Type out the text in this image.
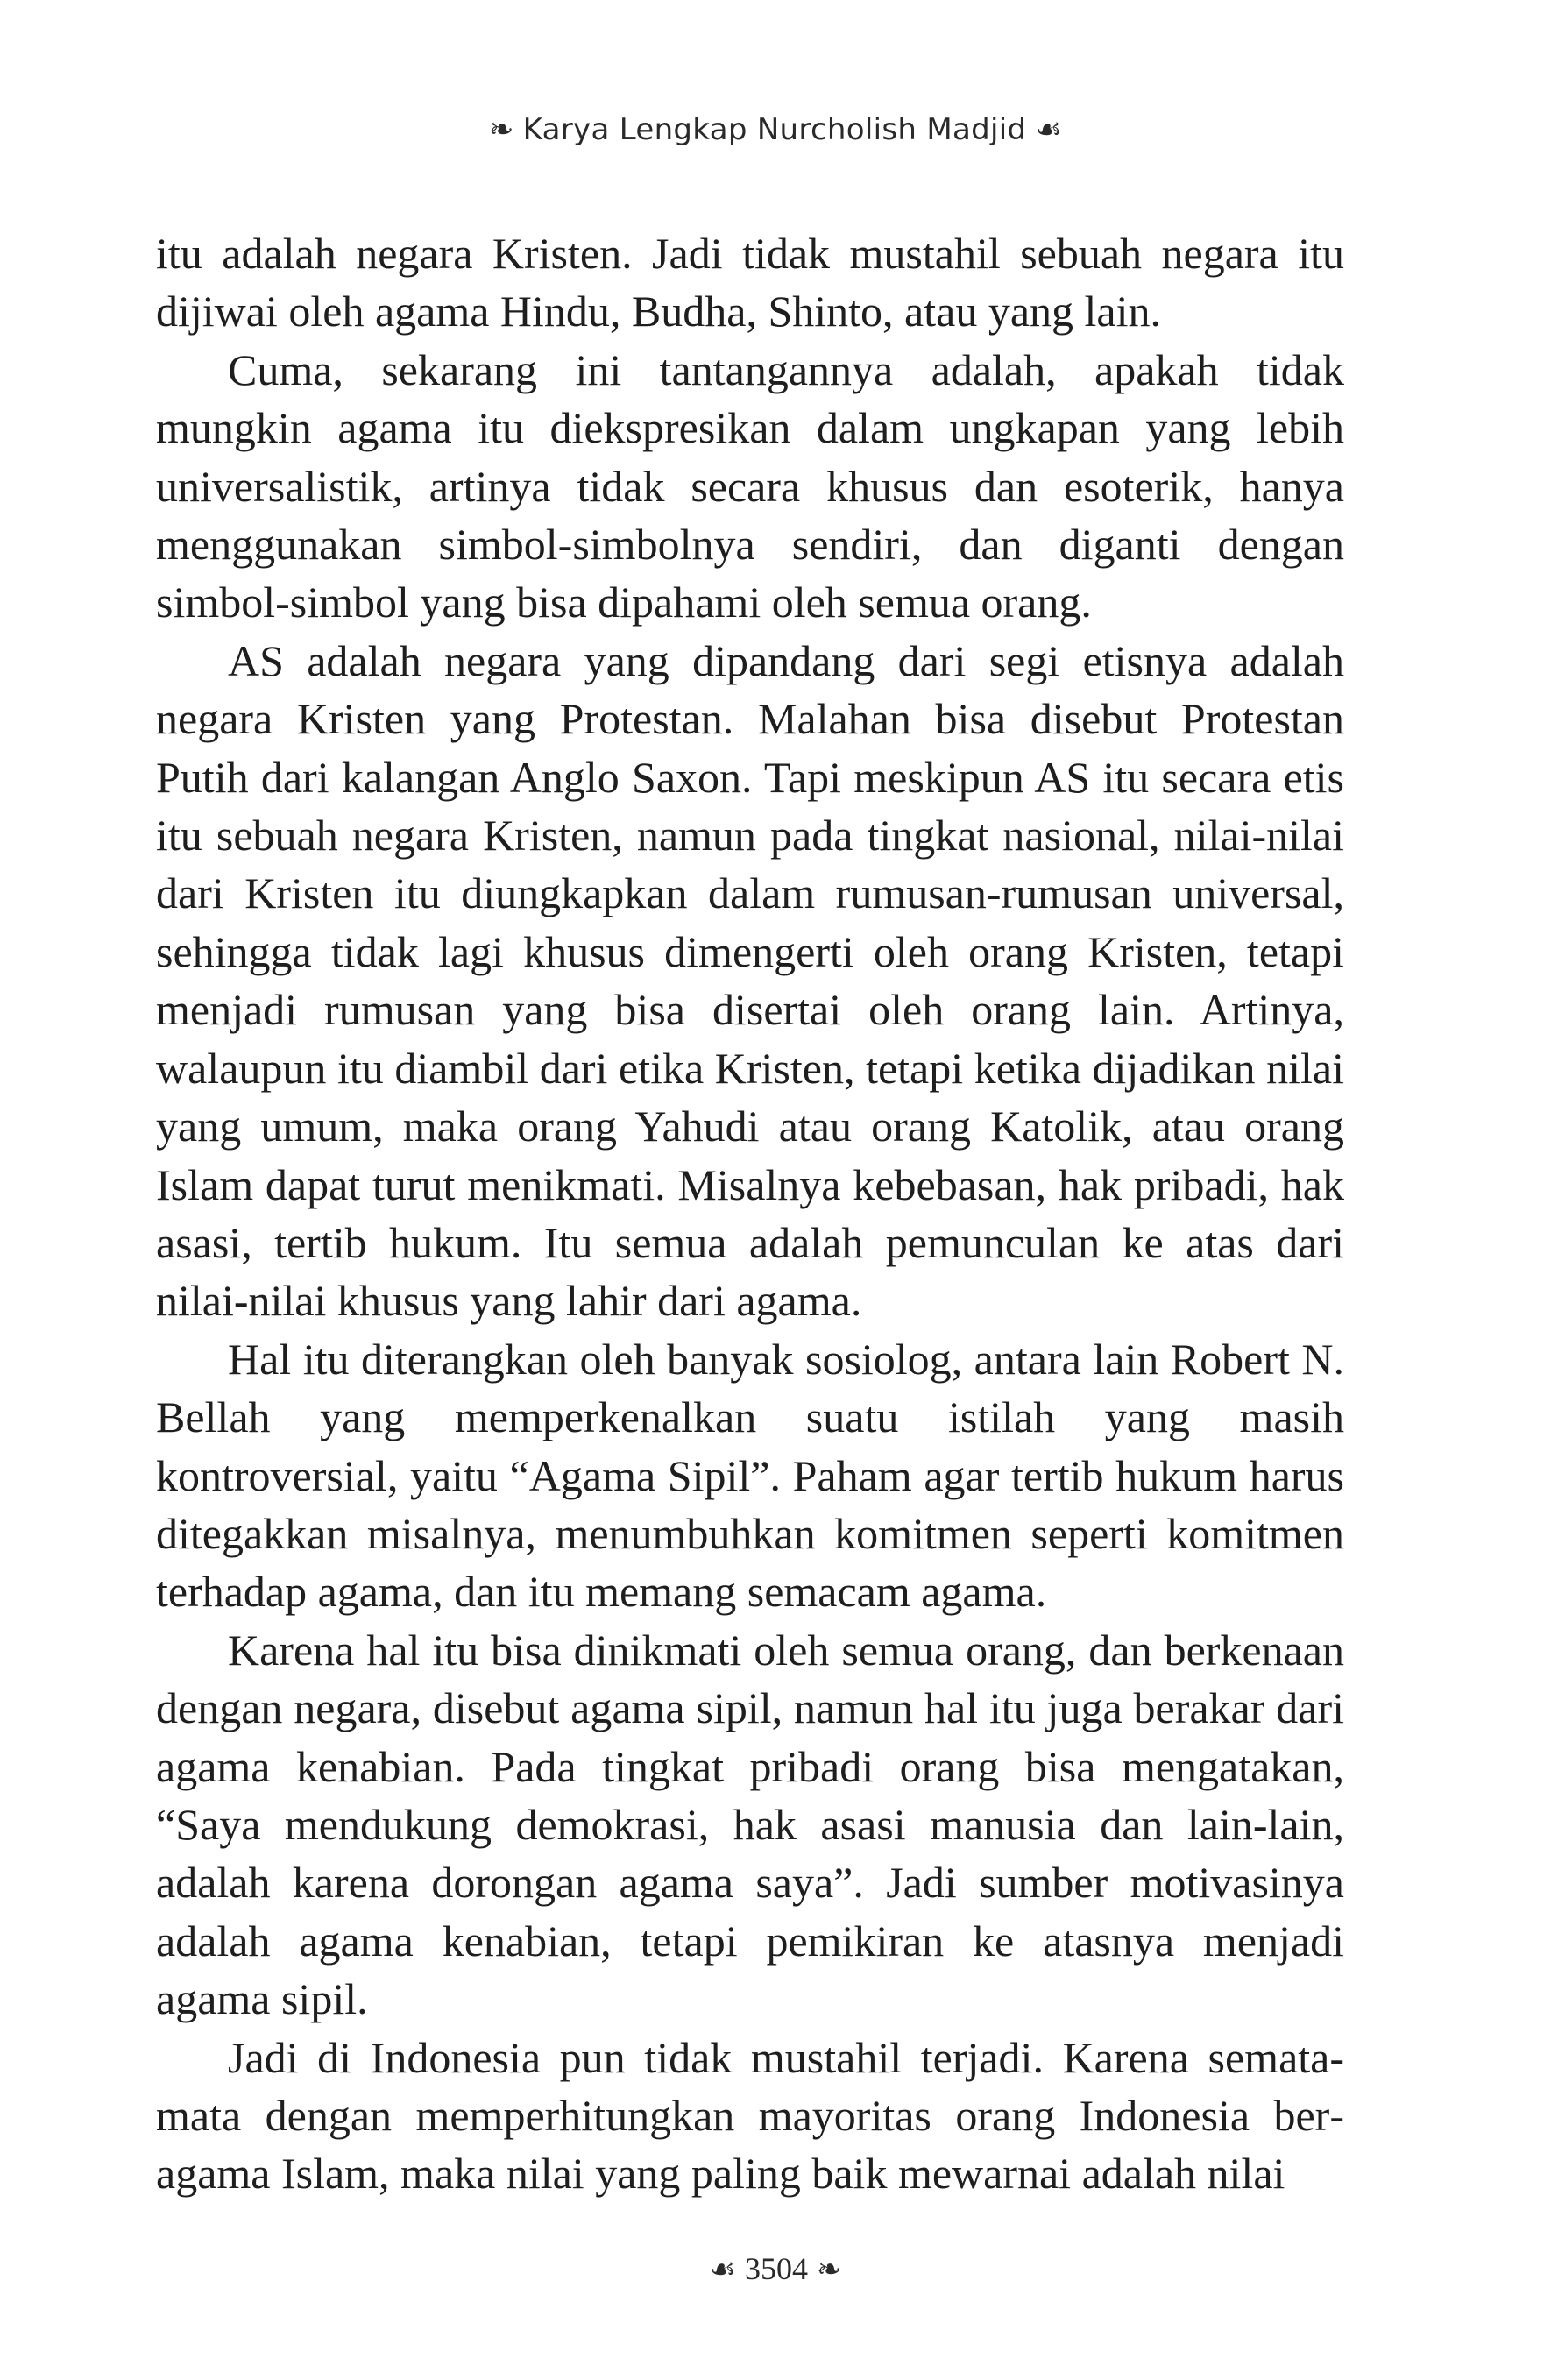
❧ Karya Lengkap Nurcholish Madjid ☙

itu adalah negara Kristen. Jadi tidak mustahil sebuah negara itu dijiwai oleh agama Hindu, Budha, Shinto, atau yang lain.

Cuma, sekarang ini tantangannya adalah, apakah tidak mungkin agama itu diekspresikan dalam ungkapan yang lebih universalistik, artinya tidak secara khusus dan esoterik, hanya menggunakan simbol-simbolnya sendiri, dan diganti dengan simbol-simbol yang bisa dipahami oleh semua orang.

AS adalah negara yang dipandang dari segi etisnya adalah negara Kristen yang Protestan. Malahan bisa disebut Protestan Putih dari kalangan Anglo Saxon. Tapi meskipun AS itu secara etis itu sebuah negara Kristen, namun pada tingkat nasional, nilai-nilai dari Kristen itu diungkapkan dalam rumusan-rumusan universal, sehingga tidak lagi khusus dimengerti oleh orang Kristen, tetapi menjadi rumusan yang bisa disertai oleh orang lain. Artinya, walaupun itu diambil dari etika Kristen, tetapi ketika dijadikan nilai yang umum, maka orang Yahudi atau orang Katolik, atau orang Islam dapat turut menikmati. Misalnya kebebasan, hak pribadi, hak asasi, tertib hukum. Itu semua adalah pemunculan ke atas dari nilai-nilai khusus yang lahir dari agama.

Hal itu diterangkan oleh banyak sosiolog, antara lain Robert N. Bellah yang memperkenalkan suatu istilah yang masih kontroversial, yaitu “Agama Sipil”. Paham agar tertib hukum harus ditegakkan misalnya, menumbuhkan komitmen seperti komitmen terhadap agama, dan itu memang semacam agama.

Karena hal itu bisa dinikmati oleh semua orang, dan berkenaan dengan negara, disebut agama sipil, namun hal itu juga berakar dari agama kenabian. Pada tingkat pribadi orang bisa mengatakan, “Saya mendukung demokrasi, hak asasi manusia dan lain-lain, adalah karena dorongan agama saya”. Jadi sumber motivasinya adalah agama kenabian, tetapi pemikiran ke atasnya menjadi agama sipil.

Jadi di Indonesia pun tidak mustahil terjadi. Karena semata-mata dengan memperhitungkan mayoritas orang Indonesia beragama Islam, maka nilai yang paling baik mewarnai adalah nilai

☙ 3504 ❧
